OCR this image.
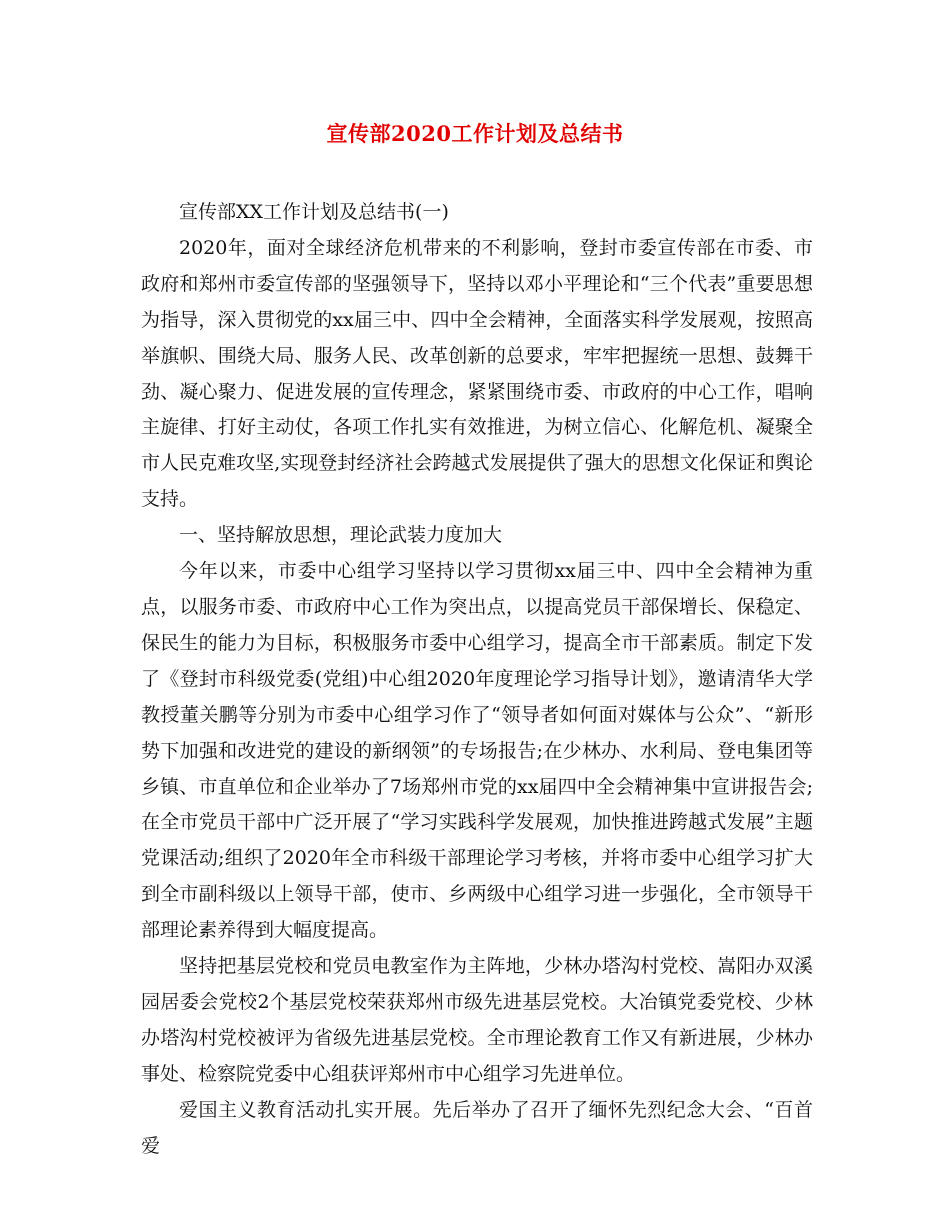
宣传部2020工作计划及总结书

宣传部XX工作计划及总结书(一)

2020年，面对全球经济危机带来的不利影响，登封市委宣传部在市委、市政府和郑州市委宣传部的坚强领导下，坚持以邓小平理论和“三个代表”重要思想为指导，深入贯彻党的xx届三中、四中全会精神，全面落实科学发展观，按照高举旗帜、围绕大局、服务人民、改革创新的总要求，牢牢把握统一思想、鼓舞干劲、凝心聚力、促进发展的宣传理念，紧紧围绕市委、市政府的中心工作，唱响主旋律、打好主动仗，各项工作扎实有效推进，为树立信心、化解危机、凝聚全市人民克难攻坚,实现登封经济社会跨越式发展提供了强大的思想文化保证和舆论支持。

一、坚持解放思想，理论武装力度加大

今年以来，市委中心组学习坚持以学习贯彻xx届三中、四中全会精神为重点，以服务市委、市政府中心工作为突出点，以提高党员干部保增长、保稳定、保民生的能力为目标，积极服务市委中心组学习，提高全市干部素质。制定下发了《登封市科级党委(党组)中心组2020年度理论学习指导计划》，邀请清华大学教授董关鹏等分别为市委中心组学习作了“领导者如何面对媒体与公众”、“新形势下加强和改进党的建设的新纲领”的专场报告;在少林办、水利局、登电集团等乡镇、市直单位和企业举办了7场郑州市党的xx届四中全会精神集中宣讲报告会;在全市党员干部中广泛开展了“学习实践科学发展观，加快推进跨越式发展”主题党课活动;组织了2020年全市科级干部理论学习考核，并将市委中心组学习扩大到全市副科级以上领导干部，使市、乡两级中心组学习进一步强化，全市领导干部理论素养得到大幅度提高。

坚持把基层党校和党员电教室作为主阵地，少林办塔沟村党校、嵩阳办双溪园居委会党校2个基层党校荣获郑州市级先进基层党校。大冶镇党委党校、少林办塔沟村党校被评为省级先进基层党校。全市理论教育工作又有新进展，少林办事处、检察院党委中心组获评郑州市中心组学习先进单位。

爱国主义教育活动扎实开展。先后举办了召开了缅怀先烈纪念大会、“百首爱
